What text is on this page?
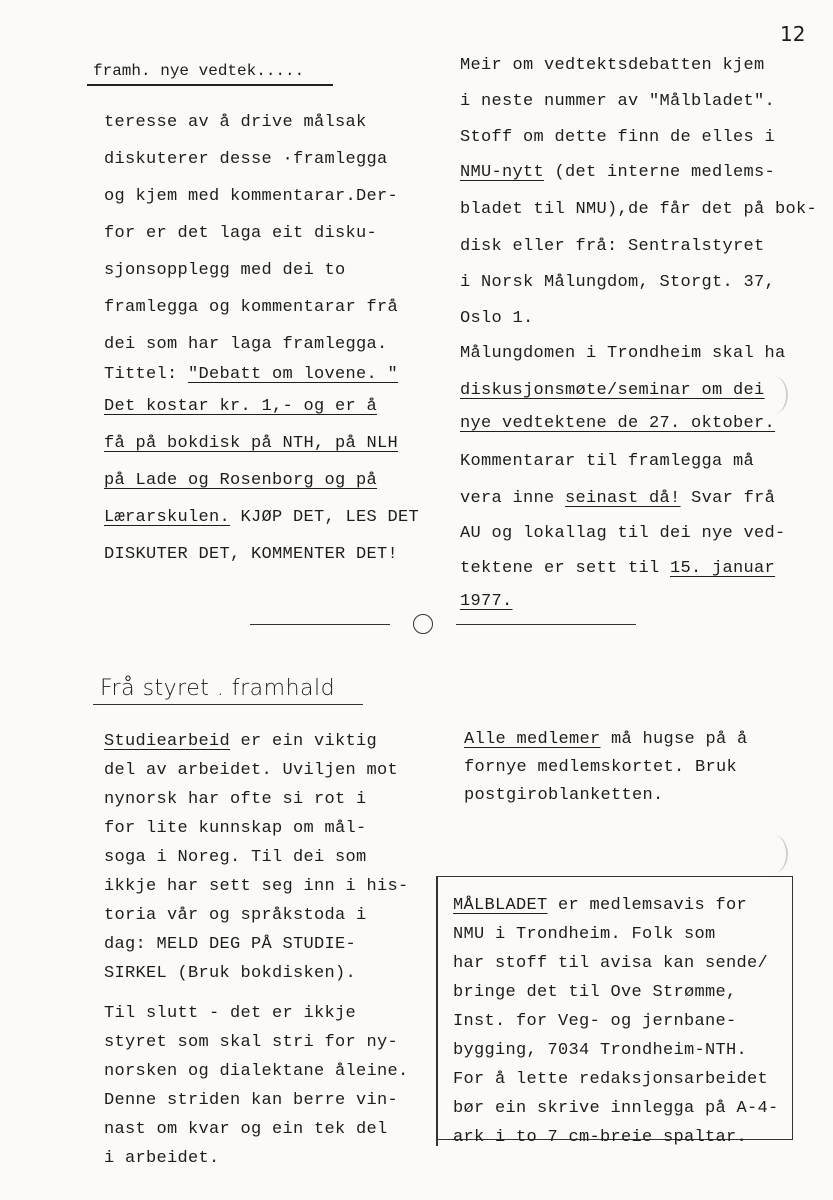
12
framh. nye vedtek.....
teresse av å drive målsak
diskuterer desse ·framlegga
og kjem med kommentarar.Der-
for er det laga eit disku-
sjonsopplegg med dei to
framlegga og kommentarar frå
dei som har laga framlegga.
Tittel: "Debatt om lovene. "
Det kostar kr. 1,- og er å
få på bokdisk på NTH, på NLH
på Lade og Rosenborg og på
Lærarskulen. KJØP DET, LES DET
DISKUTER DET, KOMMENTER DET!
Meir om vedtektsdebatten kjem
i neste nummer av "Målbladet".
Stoff om dette finn de elles i
NMU-nytt (det interne medlems-
bladet til NMU),de får det på bok-
disk eller frå: Sentralstyret
i Norsk Målungdom, Storgt. 37,
Oslo 1.
Målungdomen i Trondheim skal ha
diskusjonsmøte/seminar om dei
nye vedtektene de 27. oktober.
Kommentarar til framlegga må
vera inne seinast då! Svar frå
AU og lokallag til dei nye ved-
tektene er sett til 15. januar
1977.
Frå styret . framhald
Studiearbeid er ein viktig
del av arbeidet. Uviljen mot
nynorsk har ofte si rot i
for lite kunnskap om mål-
soga i Noreg. Til dei som
ikkje har sett seg inn i his-
toria vår og språkstoda i
dag: MELD DEG PÅ STUDIE-
SIRKEL (Bruk bokdisken).
Til slutt - det er ikkje
styret som skal stri for ny-
norsken og dialektane åleine.
Denne striden kan berre vin-
nast om kvar og ein tek del
i arbeidet.
Alle medlemer må hugse på å
fornye medlemskortet. Bruk
postgiroblanketten.
MÅLBLADET er medlemsavis for
NMU i Trondheim. Folk som
har stoff til avisa kan sende/
bringe det til Ove Strømme,
Inst. for Veg- og jernbane-
bygging, 7034 Trondheim-NTH.
For å lette redaksjonsarbeidet
bør ein skrive innlegga på A-4-
ark i to 7 cm-breie spaltar.
